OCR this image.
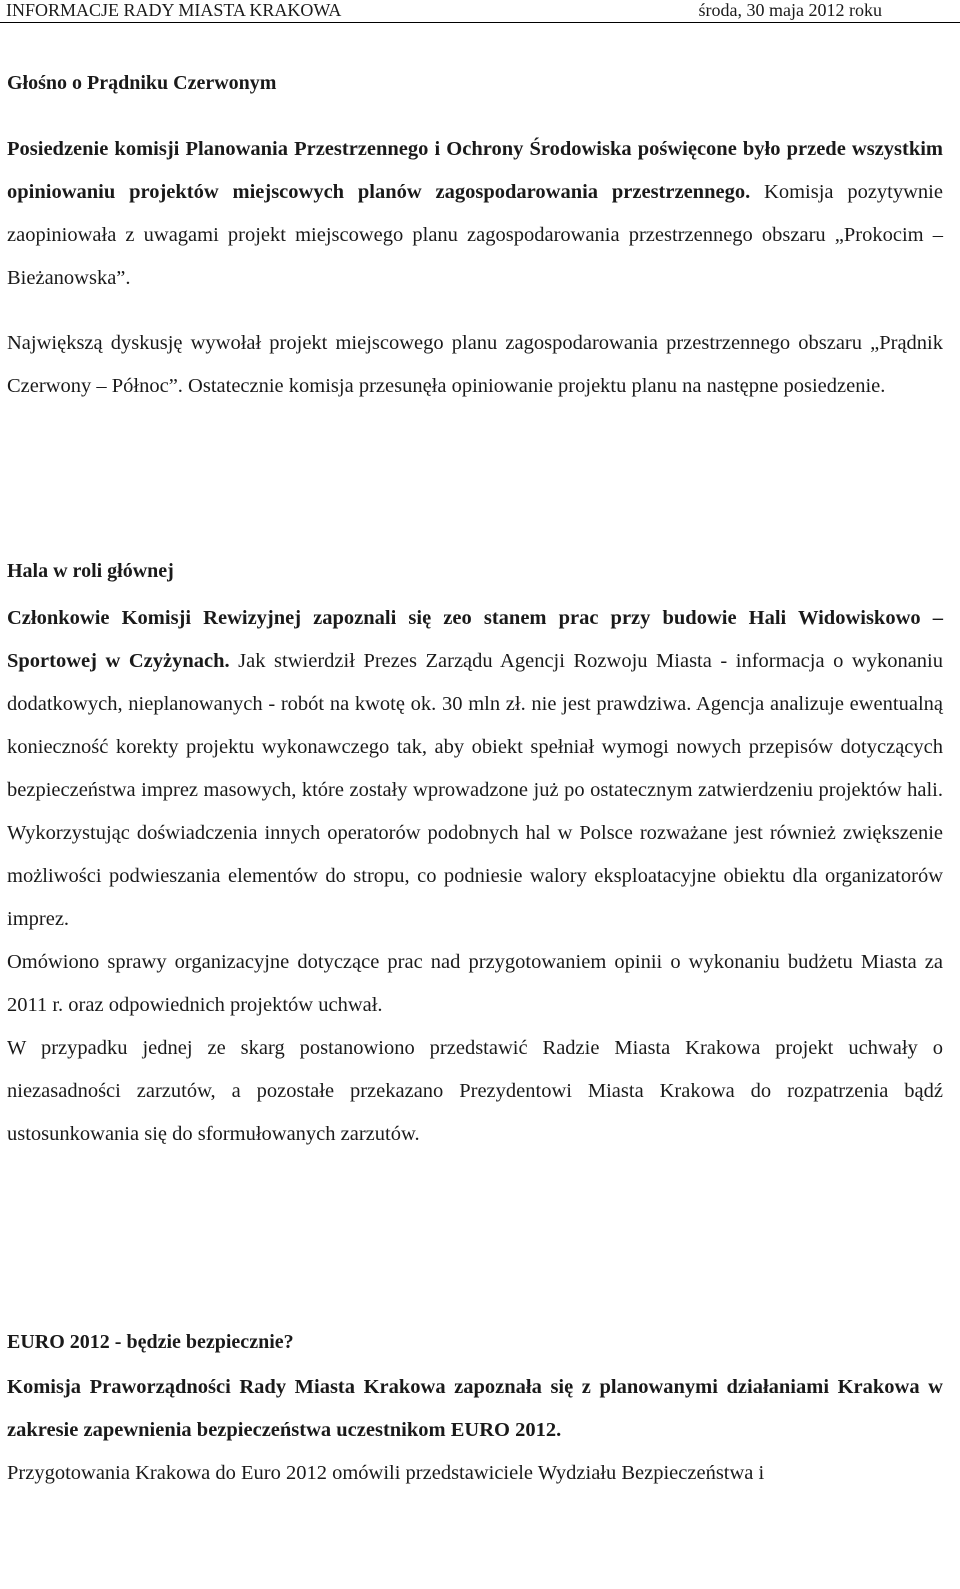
INFORMACJE RADY MIASTA KRAKOWA	środa, 30 maja 2012 roku
Głośno o Prądniku Czerwonym

Posiedzenie komisji Planowania Przestrzennego i Ochrony Środowiska poświęcone było przede wszystkim opiniowaniu projektów miejscowych planów zagospodarowania przestrzennego. Komisja pozytywnie zaopiniowała z uwagami projekt miejscowego planu zagospodarowania przestrzennego obszaru „Prokocim –Bieżanowska”.

Największą dyskusję wywołał projekt miejscowego planu zagospodarowania przestrzennego obszaru „Prądnik Czerwony – Północ”. Ostatecznie komisja przesunęła opiniowanie projektu planu na następne posiedzenie.

Hala w roli głównej

Członkowie Komisji Rewizyjnej zapoznali się zeo stanem prac przy budowie Hali Widowiskowo – Sportowej w Czyżynach. Jak stwierdził Prezes Zarządu Agencji Rozwoju Miasta - informacja o wykonaniu dodatkowych, nieplanowanych - robót na kwotę ok. 30 mln zł. nie jest prawdziwa. Agencja analizuje ewentualną konieczność korekty projektu wykonawczego tak, aby obiekt spełniał wymogi nowych przepisów dotyczących bezpieczeństwa imprez masowych, które zostały wprowadzone już po ostatecznym zatwierdzeniu projektów hali. Wykorzystując doświadczenia innych operatorów podobnych hal w Polsce rozważane jest również zwiększenie możliwości podwieszania elementów do stropu, co podniesie walory eksploatacyjne obiektu dla organizatorów imprez.

Omówiono sprawy organizacyjne dotyczące prac nad przygotowaniem opinii o wykonaniu budżetu Miasta za 2011 r. oraz odpowiednich projektów uchwał.

W przypadku jednej ze skarg postanowiono przedstawić Radzie Miasta Krakowa projekt uchwały o niezasadności zarzutów, a pozostałe przekazano Prezydentowi Miasta Krakowa do rozpatrzenia bądź ustosunkowania się do sformułowanych zarzutów.

EURO 2012 - będzie bezpiecznie?

Komisja Praworządności Rady Miasta Krakowa zapoznała się z planowanymi działaniami Krakowa w zakresie zapewnienia bezpieczeństwa uczestnikom EURO 2012.

Przygotowania Krakowa do Euro 2012 omówili przedstawiciele Wydziału Bezpieczeństwa i
